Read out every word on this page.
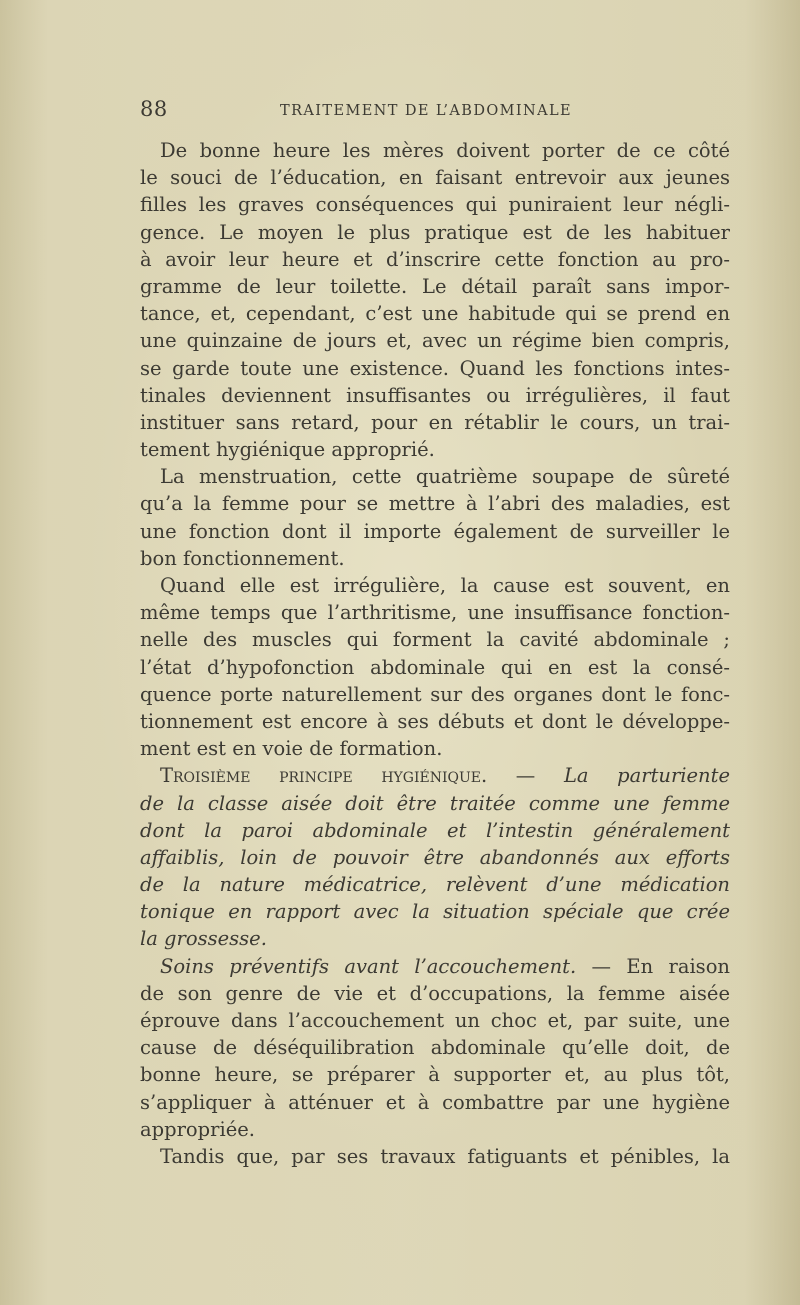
88	TRAITEMENT DE L’ABDOMINALE
De bonne heure les mères doivent porter de ce côté
le souci de l’éducation, en faisant entrevoir aux jeunes
filles les graves conséquences qui puniraient leur négli-
gence. Le moyen le plus pratique est de les habituer
à avoir leur heure et d’inscrire cette fonction au pro-
gramme de leur toilette. Le détail paraît sans impor-
tance, et, cependant, c’est une habitude qui se prend en
une quinzaine de jours et, avec un régime bien compris,
se garde toute une existence. Quand les fonctions intes-
tinales deviennent insuffisantes ou irrégulières, il faut
instituer sans retard, pour en rétablir le cours, un trai-
tement hygiénique approprié.
La menstruation, cette quatrième soupape de sûreté
qu’a la femme pour se mettre à l’abri des maladies, est
une fonction dont il importe également de surveiller le
bon fonctionnement.
Quand elle est irrégulière, la cause est souvent, en
même temps que l’arthritisme, une insuffisance fonction-
nelle des muscles qui forment la cavité abdominale ;
l’état d’hypofonction abdominale qui en est la consé-
quence porte naturellement sur des organes dont le fonc-
tionnement est encore à ses débuts et dont le développe-
ment est en voie de formation.
Troisième principe hygiénique. — La parturiente
de la classe aisée doit être traitée comme une femme
dont la paroi abdominale et l’intestin généralement
affaiblis, loin de pouvoir être abandonnés aux efforts
de la nature médicatrice, relèvent d’une médication
tonique en rapport avec la situation spéciale que crée
la grossesse.
Soins préventifs avant l’accouchement. — En raison
de son genre de vie et d’occupations, la femme aisée
éprouve dans l’accouchement un choc et, par suite, une
cause de déséquilibration abdominale qu’elle doit, de
bonne heure, se préparer à supporter et, au plus tôt,
s’appliquer à atténuer et à combattre par une hygiène
appropriée.
Tandis que, par ses travaux fatiguants et pénibles, la
